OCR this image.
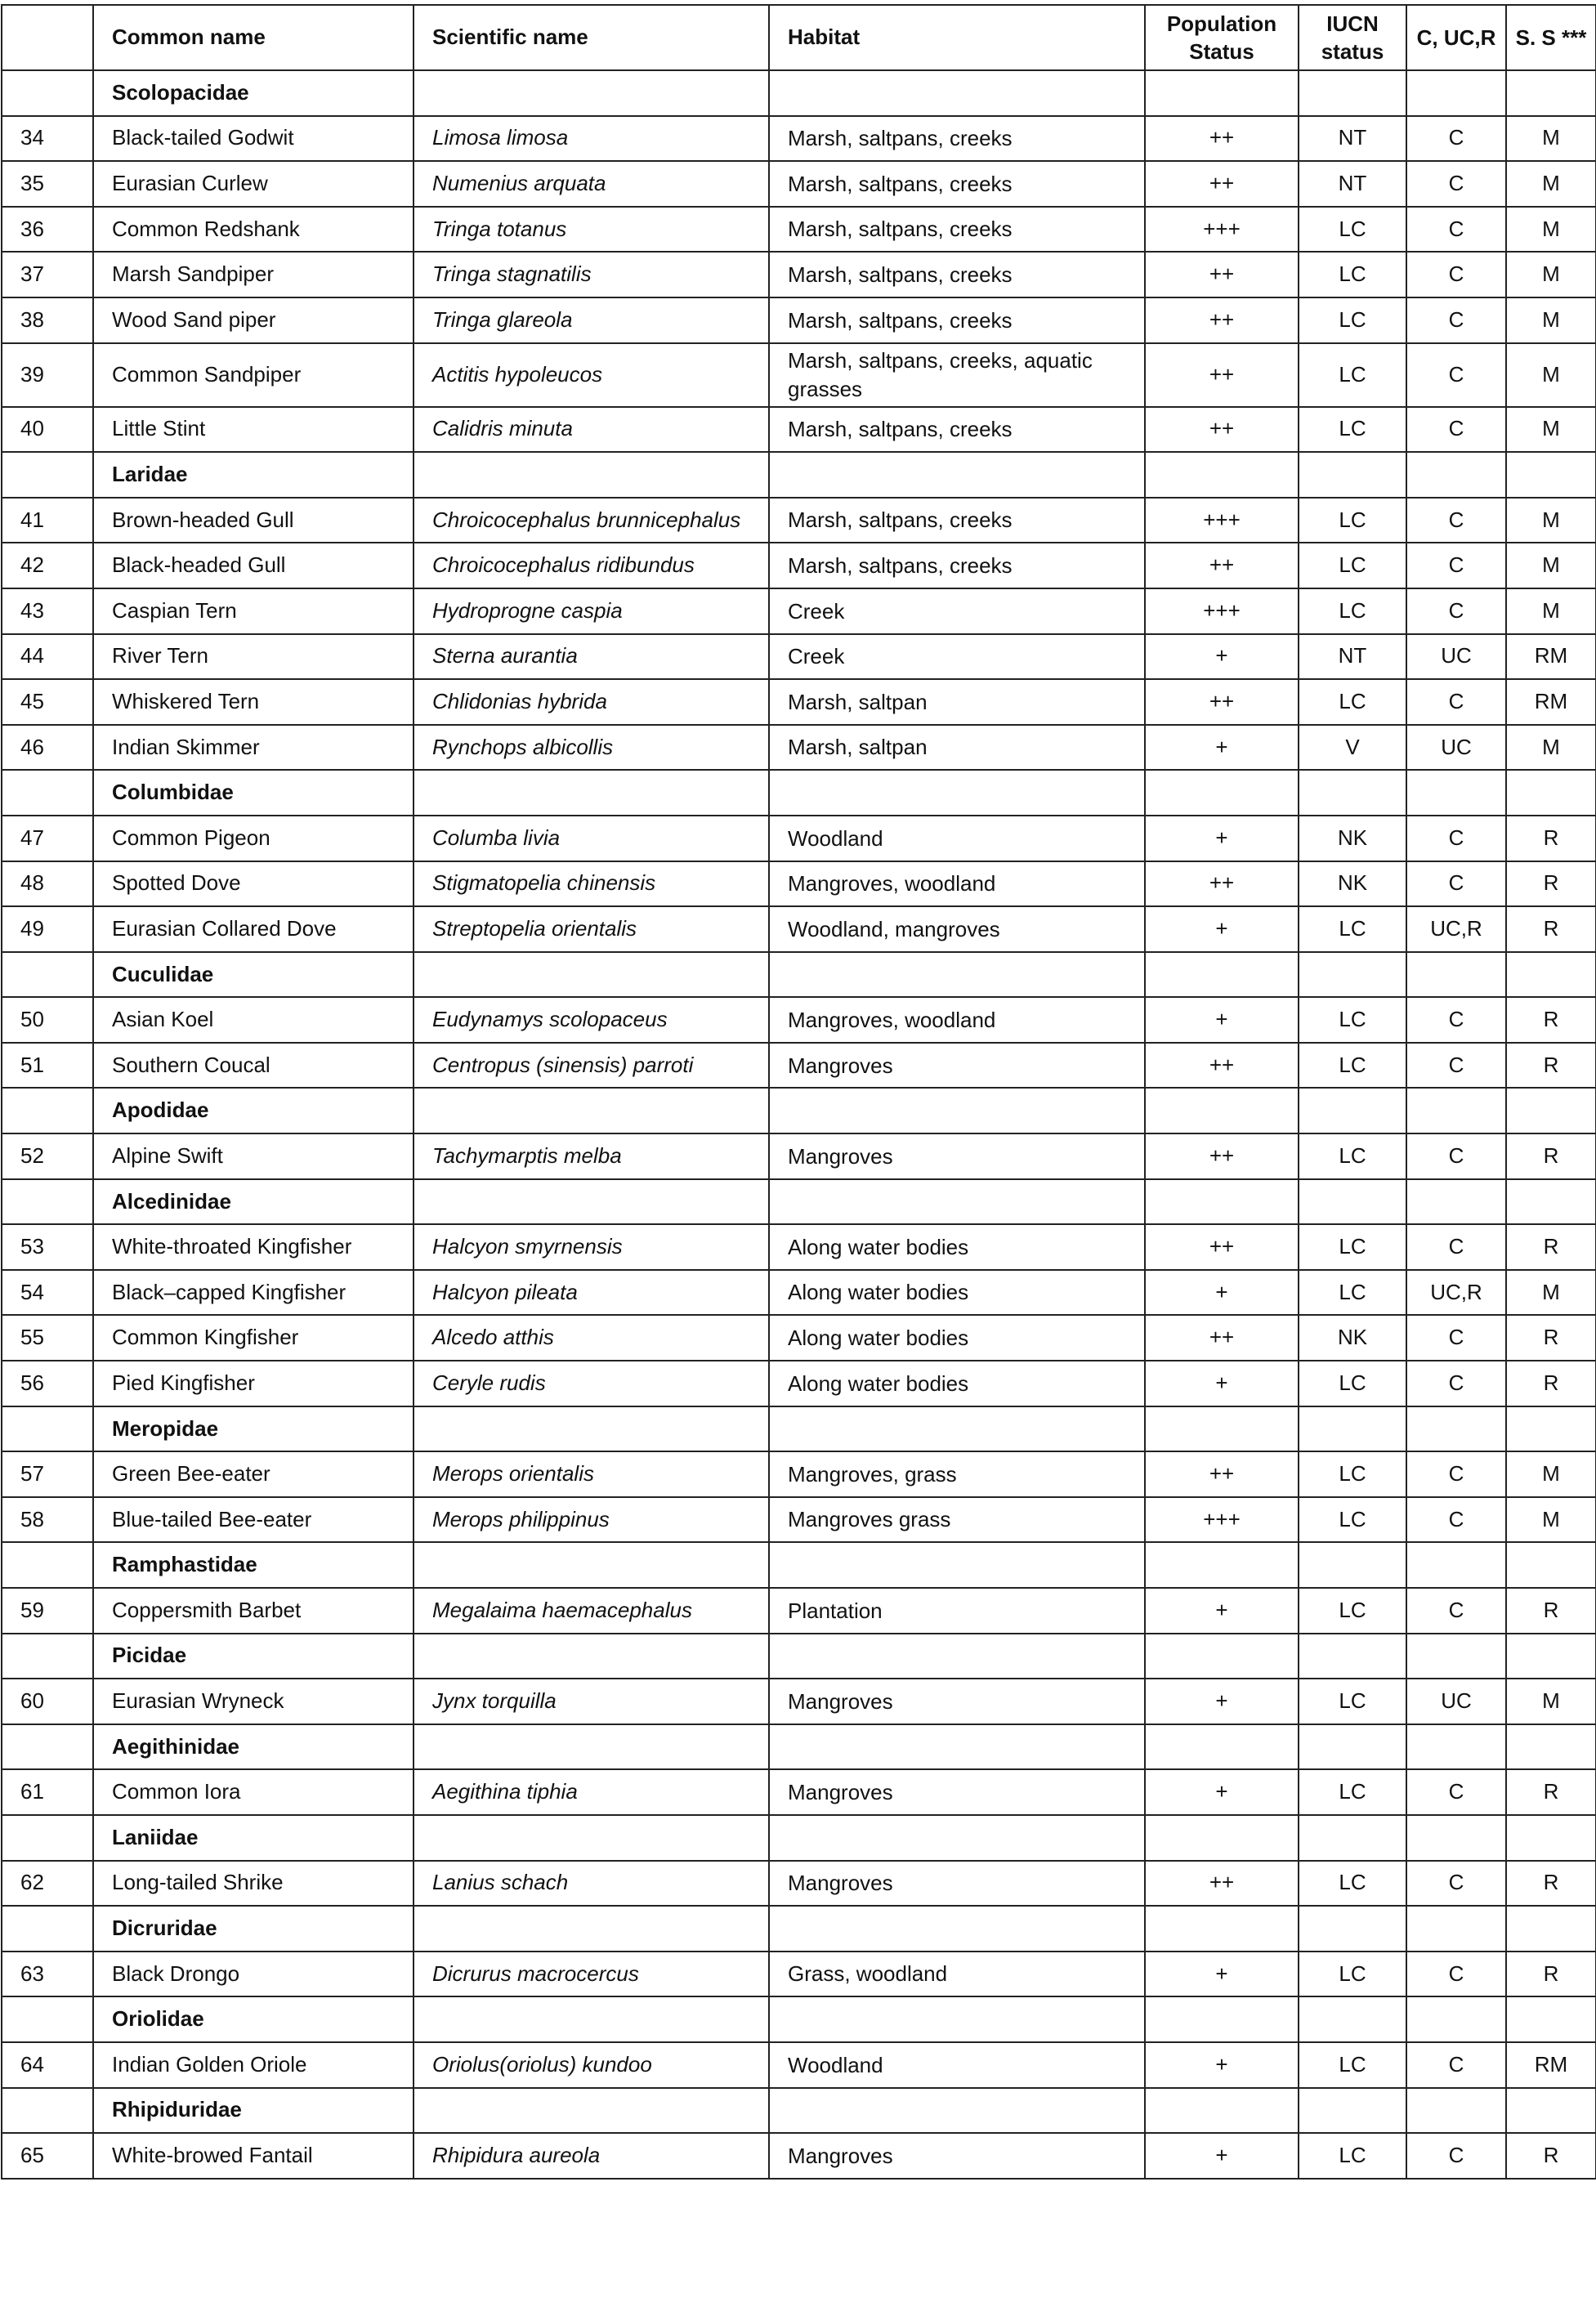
	Common name	Scientific name	Habitat	Population Status	IUCN status	C, UC,R	S. S ***
	Scolopacidae						
34	Black-tailed Godwit	Limosa limosa	Marsh, saltpans, creeks	++	NT	C	M
35	Eurasian Curlew	Numenius arquata	Marsh, saltpans, creeks	++	NT	C	M
36	Common Redshank	Tringa totanus	Marsh, saltpans, creeks	+++	LC	C	M
37	Marsh Sandpiper	Tringa stagnatilis	Marsh, saltpans, creeks	++	LC	C	M
38	Wood Sand piper	Tringa glareola	Marsh, saltpans, creeks	++	LC	C	M
39	Common Sandpiper	Actitis hypoleucos	Marsh, saltpans, creeks, aquatic grasses	++	LC	C	M
40	Little Stint	Calidris minuta	Marsh, saltpans, creeks	++	LC	C	M
	Laridae						
41	Brown-headed Gull	Chroicocephalus brunnicephalus	Marsh, saltpans, creeks	+++	LC	C	M
42	Black-headed Gull	Chroicocephalus ridibundus	Marsh, saltpans, creeks	++	LC	C	M
43	Caspian Tern	Hydroprogne caspia	Creek	+++	LC	C	M
44	River Tern	Sterna aurantia	Creek	+	NT	UC	RM
45	Whiskered Tern	Chlidonias hybrida	Marsh, saltpan	++	LC	C	RM
46	Indian Skimmer	Rynchops albicollis	Marsh, saltpan	+	V	UC	M
	Columbidae						
47	Common Pigeon	Columba livia	Woodland	+	NK	C	R
48	Spotted Dove	Stigmatopelia chinensis	Mangroves, woodland	++	NK	C	R
49	Eurasian Collared Dove	Streptopelia orientalis	Woodland, mangroves	+	LC	UC,R	R
	Cuculidae						
50	Asian Koel	Eudynamys scolopaceus	Mangroves, woodland	+	LC	C	R
51	Southern Coucal	Centropus (sinensis) parroti	Mangroves	++	LC	C	R
	Apodidae						
52	Alpine Swift	Tachymarptis melba	Mangroves	++	LC	C	R
	Alcedinidae						
53	White-throated Kingfisher	Halcyon smyrnensis	Along water bodies	++	LC	C	R
54	Black–capped Kingfisher	Halcyon pileata	Along water bodies	+	LC	UC,R	M
55	Common Kingfisher	Alcedo atthis	Along water bodies	++	NK	C	R
56	Pied Kingfisher	Ceryle rudis	Along water bodies	+	LC	C	R
	Meropidae						
57	Green Bee-eater	Merops orientalis	Mangroves, grass	++	LC	C	M
58	Blue-tailed Bee-eater	Merops philippinus	Mangroves grass	+++	LC	C	M
	Ramphastidae						
59	Coppersmith Barbet	Megalaima haemacephalus	Plantation	+	LC	C	R
	Picidae						
60	Eurasian Wryneck	Jynx torquilla	Mangroves	+	LC	UC	M
	Aegithinidae						
61	Common Iora	Aegithina tiphia	Mangroves	+	LC	C	R
	Laniidae						
62	Long-tailed Shrike	Lanius schach	Mangroves	++	LC	C	R
	Dicruridae						
63	Black Drongo	Dicrurus macrocercus	Grass, woodland	+	LC	C	R
	Oriolidae						
64	Indian Golden Oriole	Oriolus(oriolus) kundoo	Woodland	+	LC	C	RM
	Rhipiduridae						
65	White-browed Fantail	Rhipidura aureola	Mangroves	+	LC	C	R
